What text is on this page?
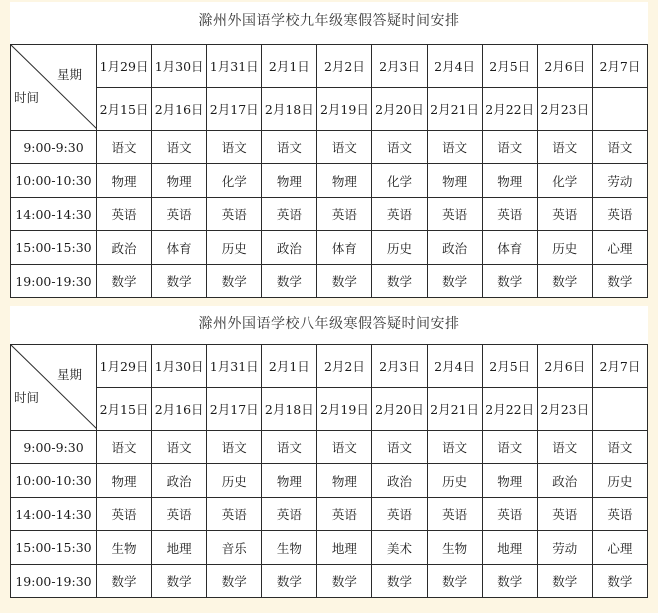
滁州外国语学校九年级寒假答疑时间安排
星期
时间	1月29日	1月30日	1月31日	2月1日	2月2日	2月3日	2月4日	2月5日	2月6日	2月7日
	2月15日	2月16日	2月17日	2月18日	2月19日	2月20日	2月21日	2月22日	2月23日	
9:00-9:30	语文	语文	语文	语文	语文	语文	语文	语文	语文	语文
10:00-10:30	物理	物理	化学	物理	物理	化学	物理	物理	化学	劳动
14:00-14:30	英语	英语	英语	英语	英语	英语	英语	英语	英语	英语
15:00-15:30	政治	体育	历史	政治	体育	历史	政治	体育	历史	心理
19:00-19:30	数学	数学	数学	数学	数学	数学	数学	数学	数学	数学
滁州外国语学校八年级寒假答疑时间安排
星期
时间	1月29日	1月30日	1月31日	2月1日	2月2日	2月3日	2月4日	2月5日	2月6日	2月7日
	2月15日	2月16日	2月17日	2月18日	2月19日	2月20日	2月21日	2月22日	2月23日	
9:00-9:30	语文	语文	语文	语文	语文	语文	语文	语文	语文	语文
10:00-10:30	物理	政治	历史	物理	物理	政治	历史	物理	政治	历史
14:00-14:30	英语	英语	英语	英语	英语	英语	英语	英语	英语	英语
15:00-15:30	生物	地理	音乐	生物	地理	美术	生物	地理	劳动	心理
19:00-19:30	数学	数学	数学	数学	数学	数学	数学	数学	数学	数学
